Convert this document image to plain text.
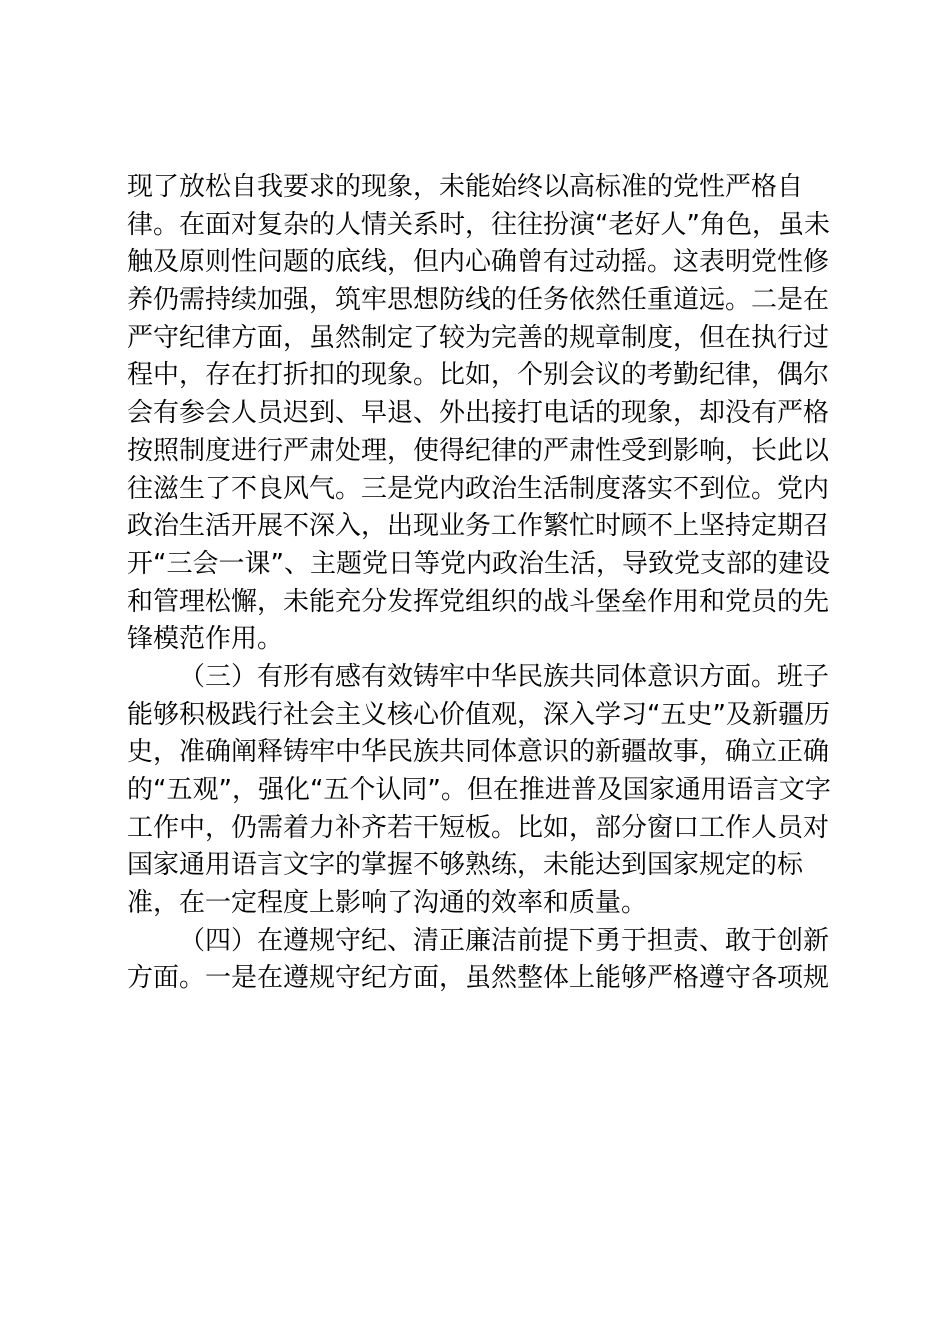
现了放松自我要求的现象，未能始终以高标准的党性严格自
律。在面对复杂的人情关系时，往往扮演“老好人”角色，虽未
触及原则性问题的底线，但内心确曾有过动摇。这表明党性修
养仍需持续加强，筑牢思想防线的任务依然任重道远。二是在
严守纪律方面，虽然制定了较为完善的规章制度，但在执行过
程中，存在打折扣的现象。比如，个别会议的考勤纪律，偶尔
会有参会人员迟到、早退、外出接打电话的现象，却没有严格
按照制度进行严肃处理，使得纪律的严肃性受到影响，长此以
往滋生了不良风气。三是党内政治生活制度落实不到位。党内
政治生活开展不深入，出现业务工作繁忙时顾不上坚持定期召
开“三会一课”、主题党日等党内政治生活，导致党支部的建设
和管理松懈，未能充分发挥党组织的战斗堡垒作用和党员的先
锋模范作用。
（三）有形有感有效铸牢中华民族共同体意识方面。班子
能够积极践行社会主义核心价值观，深入学习“五史”及新疆历
史，准确阐释铸牢中华民族共同体意识的新疆故事，确立正确
的“五观”，强化“五个认同”。但在推进普及国家通用语言文字
工作中，仍需着力补齐若干短板。比如，部分窗口工作人员对
国家通用语言文字的掌握不够熟练，未能达到国家规定的标
准，在一定程度上影响了沟通的效率和质量。
（四）在遵规守纪、清正廉洁前提下勇于担责、敢于创新
方面。一是在遵规守纪方面，虽然整体上能够严格遵守各项规
